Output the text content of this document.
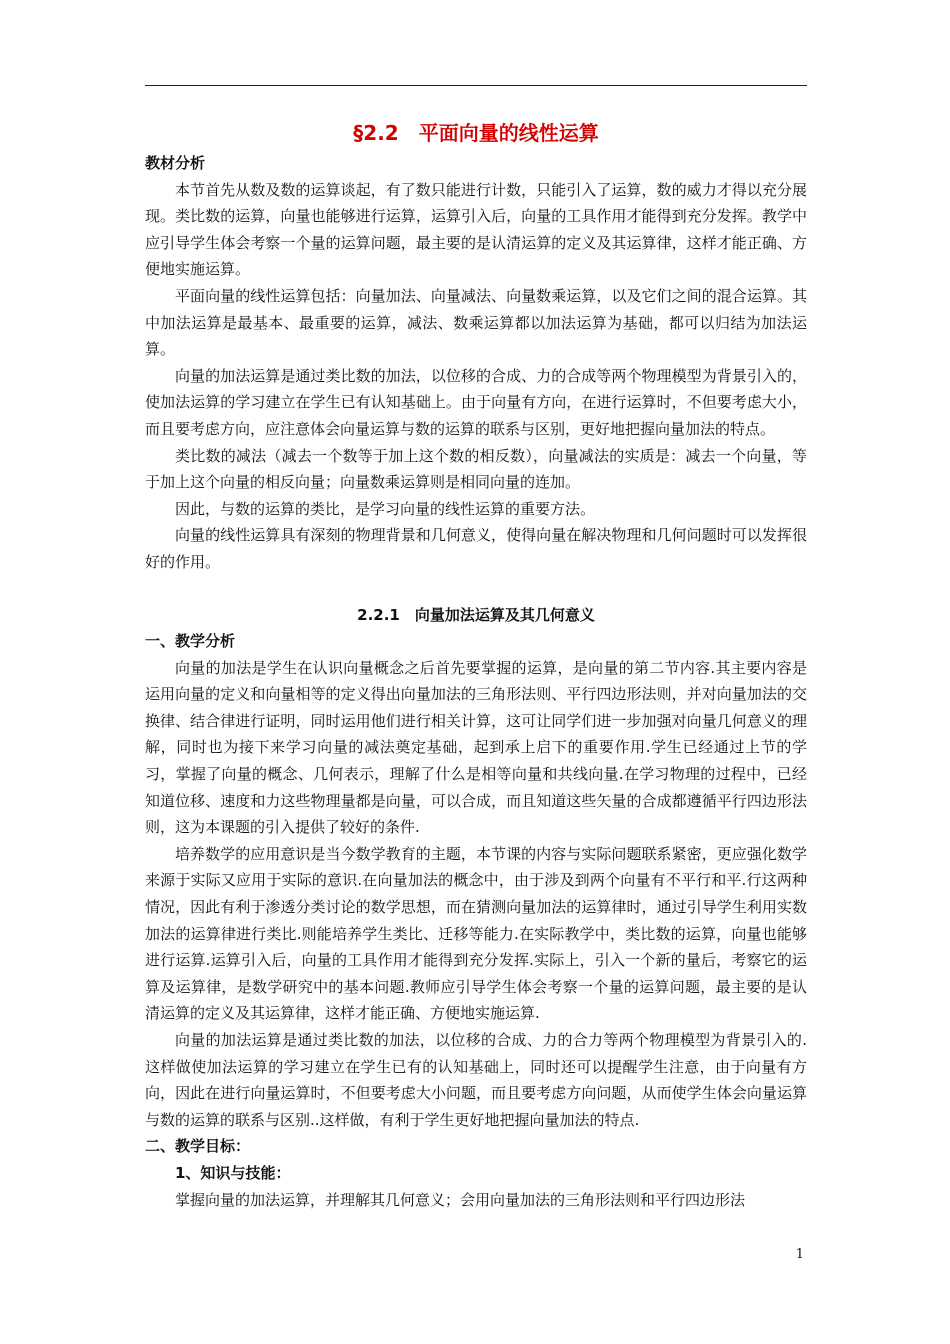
§2.2　平面向量的线性运算
教材分析

本节首先从数及数的运算谈起，有了数只能进行计数，只能引入了运算，数的威力才得以充分展现。类比数的运算，向量也能够进行运算，运算引入后，向量的工具作用才能得到充分发挥。教学中应引导学生体会考察一个量的运算问题，最主要的是认清运算的定义及其运算律，这样才能正确、方便地实施运算。

平面向量的线性运算包括：向量加法、向量减法、向量数乘运算，以及它们之间的混合运算。其中加法运算是最基本、最重要的运算，减法、数乘运算都以加法运算为基础，都可以归结为加法运算。

向量的加法运算是通过类比数的加法，以位移的合成、力的合成等两个物理模型为背景引入的，使加法运算的学习建立在学生已有认知基础上。由于向量有方向，在进行运算时，不但要考虑大小，而且要考虑方向，应注意体会向量运算与数的运算的联系与区别，更好地把握向量加法的特点。

类比数的减法（减去一个数等于加上这个数的相反数），向量减法的实质是：减去一个向量，等于加上这个向量的相反向量；向量数乘运算则是相同向量的连加。

因此，与数的运算的类比，是学习向量的线性运算的重要方法。

向量的线性运算具有深刻的物理背景和几何意义，使得向量在解决物理和几何问题时可以发挥很好的作用。

2.2.1　向量加法运算及其几何意义
一、教学分析

向量的加法是学生在认识向量概念之后首先要掌握的运算，是向量的第二节内容.其主要内容是运用向量的定义和向量相等的定义得出向量加法的三角形法则、平行四边形法则，并对向量加法的交换律、结合律进行证明，同时运用他们进行相关计算，这可让同学们进一步加强对向量几何意义的理解，同时也为接下来学习向量的减法奠定基础，起到承上启下的重要作用.学生已经通过上节的学习，掌握了向量的概念、几何表示，理解了什么是相等向量和共线向量.在学习物理的过程中，已经知道位移、速度和力这些物理量都是向量，可以合成，而且知道这些矢量的合成都遵循平行四边形法则，这为本课题的引入提供了较好的条件.

培养数学的应用意识是当今数学教育的主题，本节课的内容与实际问题联系紧密，更应强化数学来源于实际又应用于实际的意识.在向量加法的概念中，由于涉及到两个向量有不平行和平.行这两种情况，因此有利于渗透分类讨论的数学思想，而在猜测向量加法的运算律时，通过引导学生利用实数加法的运算律进行类比.则能培养学生类比、迁移等能力.在实际教学中，类比数的运算，向量也能够进行运算.运算引入后，向量的工具作用才能得到充分发挥.实际上，引入一个新的量后，考察它的运算及运算律，是数学研究中的基本问题.教师应引导学生体会考察一个量的运算问题，最主要的是认清运算的定义及其运算律，这样才能正确、方便地实施运算.

向量的加法运算是通过类比数的加法，以位移的合成、力的合力等两个物理模型为背景引入的.这样做使加法运算的学习建立在学生已有的认知基础上，同时还可以提醒学生注意，由于向量有方向，因此在进行向量运算时，不但要考虑大小问题，而且要考虑方向问题，从而使学生体会向量运算与数的运算的联系与区别..这样做，有利于学生更好地把握向量加法的特点.

二、教学目标：
1、知识与技能：

掌握向量的加法运算，并理解其几何意义；会用向量加法的三角形法则和平行四边形法

1
